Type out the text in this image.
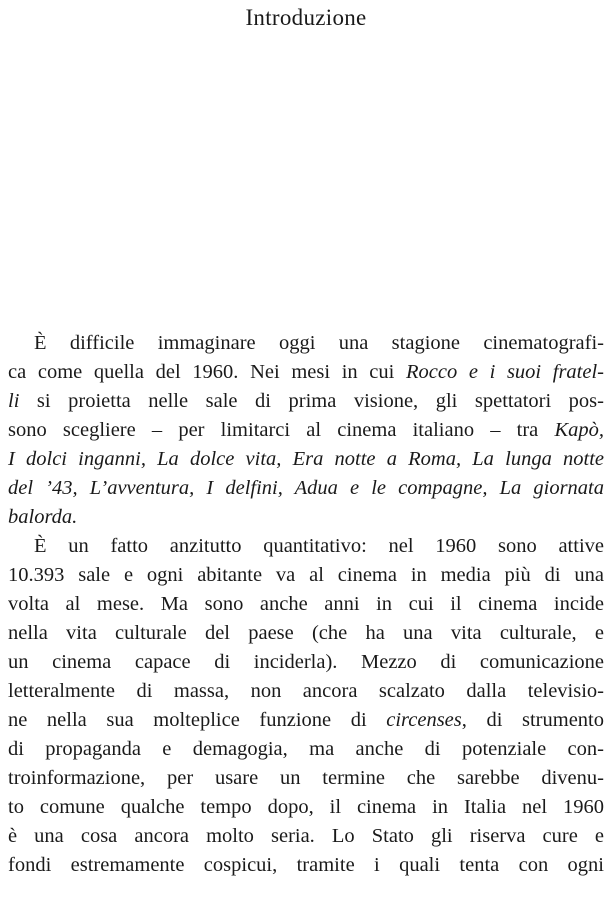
Introduzione
È difficile immaginare oggi una stagione cinematografi-
ca come quella del 1960. Nei mesi in cui Rocco e i suoi fratel-
li si proietta nelle sale di prima visione, gli spettatori pos-
sono scegliere – per limitarci al cinema italiano – tra Kapò,
I dolci inganni, La dolce vita, Era notte a Roma, La lunga notte
del ’43, L’avventura, I delfini, Adua e le compagne, La giornata
balorda.
È un fatto anzitutto quantitativo: nel 1960 sono attive
10.393 sale e ogni abitante va al cinema in media più di una
volta al mese. Ma sono anche anni in cui il cinema incide
nella vita culturale del paese (che ha una vita culturale, e
un cinema capace di inciderla). Mezzo di comunicazione
letteralmente di massa, non ancora scalzato dalla televisio-
ne nella sua molteplice funzione di circenses, di strumento
di propaganda e demagogia, ma anche di potenziale con-
troinformazione, per usare un termine che sarebbe divenu-
to comune qualche tempo dopo, il cinema in Italia nel 1960
è una cosa ancora molto seria. Lo Stato gli riserva cure e
fondi estremamente cospicui, tramite i quali tenta con ogni
